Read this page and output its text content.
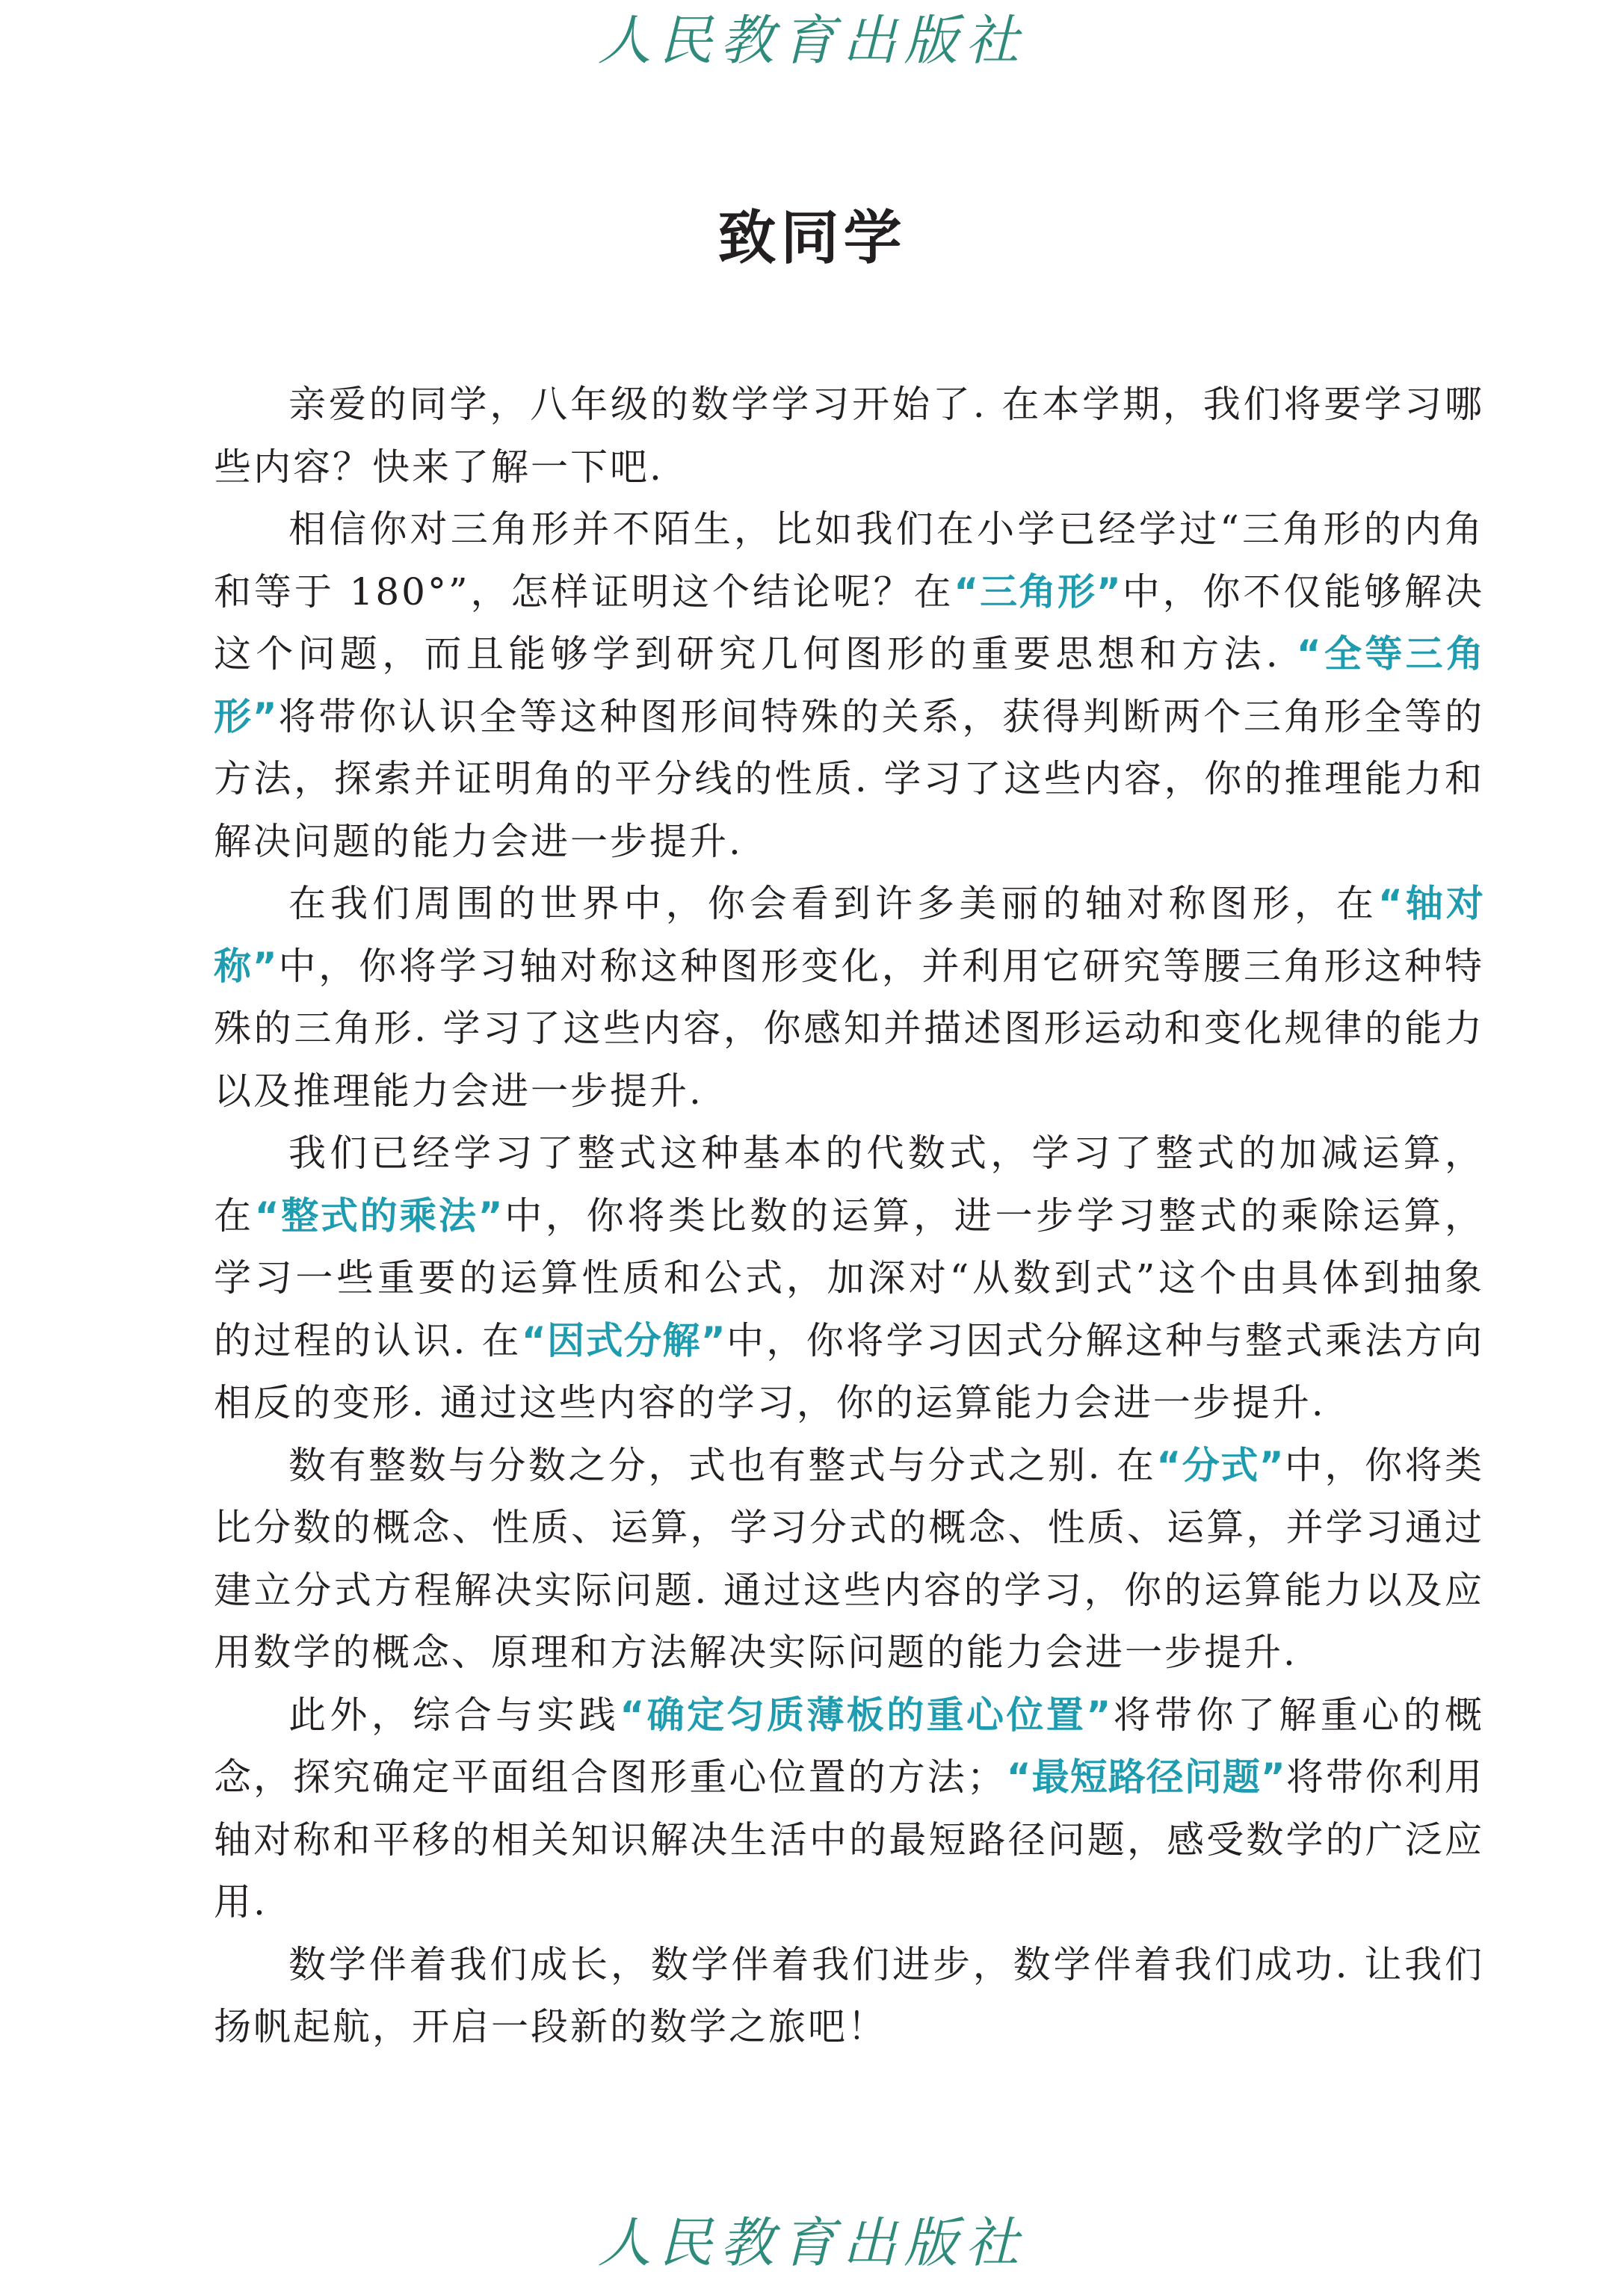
人民教育出版社
致同学

亲爱的同学，八年级的数学学习开始了. 在本学期，我们将要学习哪些内容？快来了解一下吧.

相信你对三角形并不陌生，比如我们在小学已经学过“三角形的内角和等于 180°”，怎样证明这个结论呢？在“三角形”中，你不仅能够解决这个问题，而且能够学到研究几何图形的重要思想和方法. “全等三角形”将带你认识全等这种图形间特殊的关系，获得判断两个三角形全等的方法，探索并证明角的平分线的性质. 学习了这些内容，你的推理能力和解决问题的能力会进一步提升.

在我们周围的世界中，你会看到许多美丽的轴对称图形，在“轴对称”中，你将学习轴对称这种图形变化，并利用它研究等腰三角形这种特殊的三角形. 学习了这些内容，你感知并描述图形运动和变化规律的能力以及推理能力会进一步提升.

我们已经学习了整式这种基本的代数式，学习了整式的加减运算，在“整式的乘法”中，你将类比数的运算，进一步学习整式的乘除运算，学习一些重要的运算性质和公式，加深对“从数到式”这个由具体到抽象的过程的认识. 在“因式分解”中，你将学习因式分解这种与整式乘法方向相反的变形. 通过这些内容的学习，你的运算能力会进一步提升.

数有整数与分数之分，式也有整式与分式之别. 在“分式”中，你将类比分数的概念、性质、运算，学习分式的概念、性质、运算，并学习通过建立分式方程解决实际问题. 通过这些内容的学习，你的运算能力以及应用数学的概念、原理和方法解决实际问题的能力会进一步提升.

此外，综合与实践“确定匀质薄板的重心位置”将带你了解重心的概念，探究确定平面组合图形重心位置的方法；“最短路径问题”将带你利用轴对称和平移的相关知识解决生活中的最短路径问题，感受数学的广泛应用.

数学伴着我们成长，数学伴着我们进步，数学伴着我们成功. 让我们扬帆起航，开启一段新的数学之旅吧！

人民教育出版社
